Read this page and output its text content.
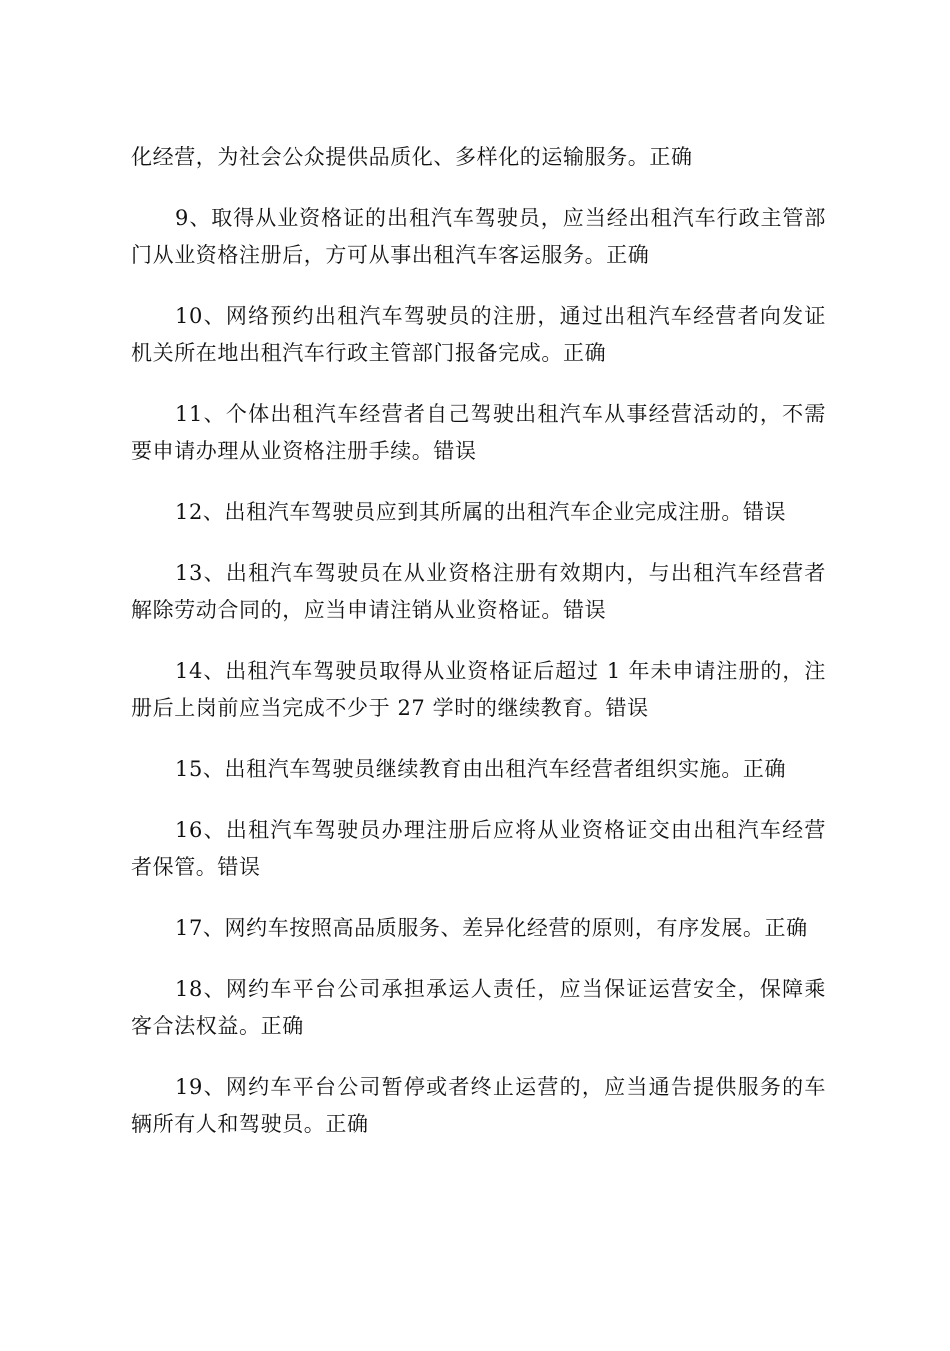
化经营，为社会公众提供品质化、多样化的运输服务。正确

9、取得从业资格证的出租汽车驾驶员，应当经出租汽车行政主管部门从业资格注册后，方可从事出租汽车客运服务。正确

10、网络预约出租汽车驾驶员的注册，通过出租汽车经营者向发证机关所在地出租汽车行政主管部门报备完成。正确

11、个体出租汽车经营者自己驾驶出租汽车从事经营活动的，不需要申请办理从业资格注册手续。错误

12、出租汽车驾驶员应到其所属的出租汽车企业完成注册。错误

13、出租汽车驾驶员在从业资格注册有效期内，与出租汽车经营者解除劳动合同的，应当申请注销从业资格证。错误

14、出租汽车驾驶员取得从业资格证后超过 1 年未申请注册的，注册后上岗前应当完成不少于 27 学时的继续教育。错误

15、出租汽车驾驶员继续教育由出租汽车经营者组织实施。正确

16、出租汽车驾驶员办理注册后应将从业资格证交由出租汽车经营者保管。错误

17、网约车按照高品质服务、差异化经营的原则，有序发展。正确

18、网约车平台公司承担承运人责任，应当保证运营安全，保障乘客合法权益。正确

19、网约车平台公司暂停或者终止运营的，应当通告提供服务的车辆所有人和驾驶员。正确
